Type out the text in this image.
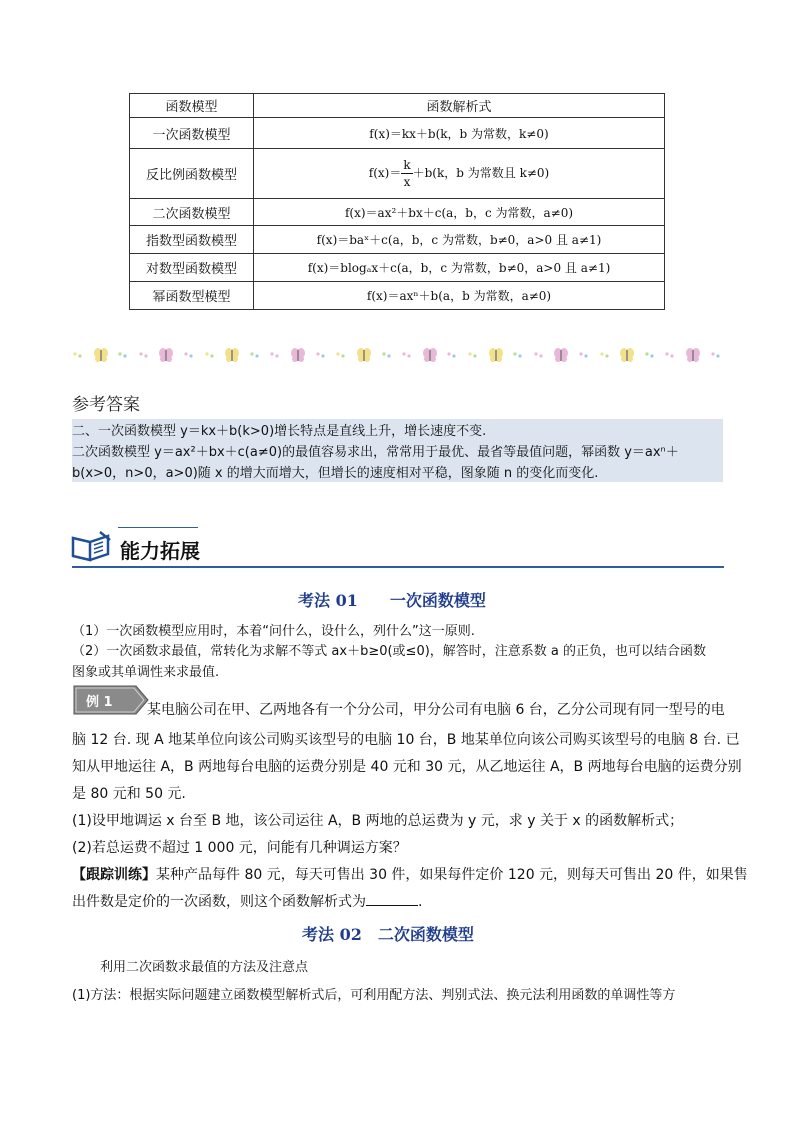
函数模型	函数解析式
一次函数模型	f(x)＝kx＋b(k，b 为常数，k≠0)
反比例函数模型	$f(x)= \frac{k}{x} +b(k$，b 为常数且 k≠0)
二次函数模型	f(x)＝ax²＋bx＋c(a，b，c 为常数，a≠0)
指数型函数模型	f(x)＝baˣ＋c(a，b，c 为常数，b≠0，a>0 且 a≠1)
对数型函数模型	f(x)＝blogₐx＋c(a，b，c 为常数，b≠0，a>0 且 a≠1)
幂函数型模型	f(x)＝axⁿ＋b(a，b 为常数，a≠0)
参考答案

二、一次函数模型 y＝kx＋b(k>0)增长特点是直线上升，增长速度不变.

二次函数模型 y＝ax²＋bx＋c(a≠0)的最值容易求出，常常用于最优、最省等最值问题，幂函数 y＝axⁿ＋

b(x>0，n>0，a>0)随 x 的增大而增大，但增长的速度相对平稳，图象随 n 的变化而变化.

能力拓展
考法 01　　一次函数模型
（1）一次函数模型应用时，本着“问什么，设什么，列什么”这一原则.
（2）一次函数求最值，常转化为求解不等式 ax＋b≥0(或≤0)，解答时，注意系数 a 的正负，也可以结合函数
图象或其单调性来求最值.
例 1 某电脑公司在甲、乙两地各有一个分公司，甲分公司有电脑 6 台，乙分公司现有同一型号的电
脑 12 台. 现 A 地某单位向该公司购买该型号的电脑 10 台，B 地某单位向该公司购买该型号的电脑 8 台. 已
知从甲地运往 A，B 两地每台电脑的运费分别是 40 元和 30 元，从乙地运往 A，B 两地每台电脑的运费分别
是 80 元和 50 元.
(1)设甲地调运 x 台至 B 地，该公司运往 A，B 两地的总运费为 y 元，求 y 关于 x 的函数解析式；
(2)若总运费不超过 1 000 元，问能有几种调运方案？
【跟踪训练】某种产品每件 80 元，每天可售出 30 件，如果每件定价 120 元，则每天可售出 20 件，如果售
出件数是定价的一次函数，则这个函数解析式为	.
考法 02　二次函数模型
利用二次函数求最值的方法及注意点
(1)方法：根据实际问题建立函数模型解析式后，可利用配方法、判别式法、换元法利用函数的单调性等方
